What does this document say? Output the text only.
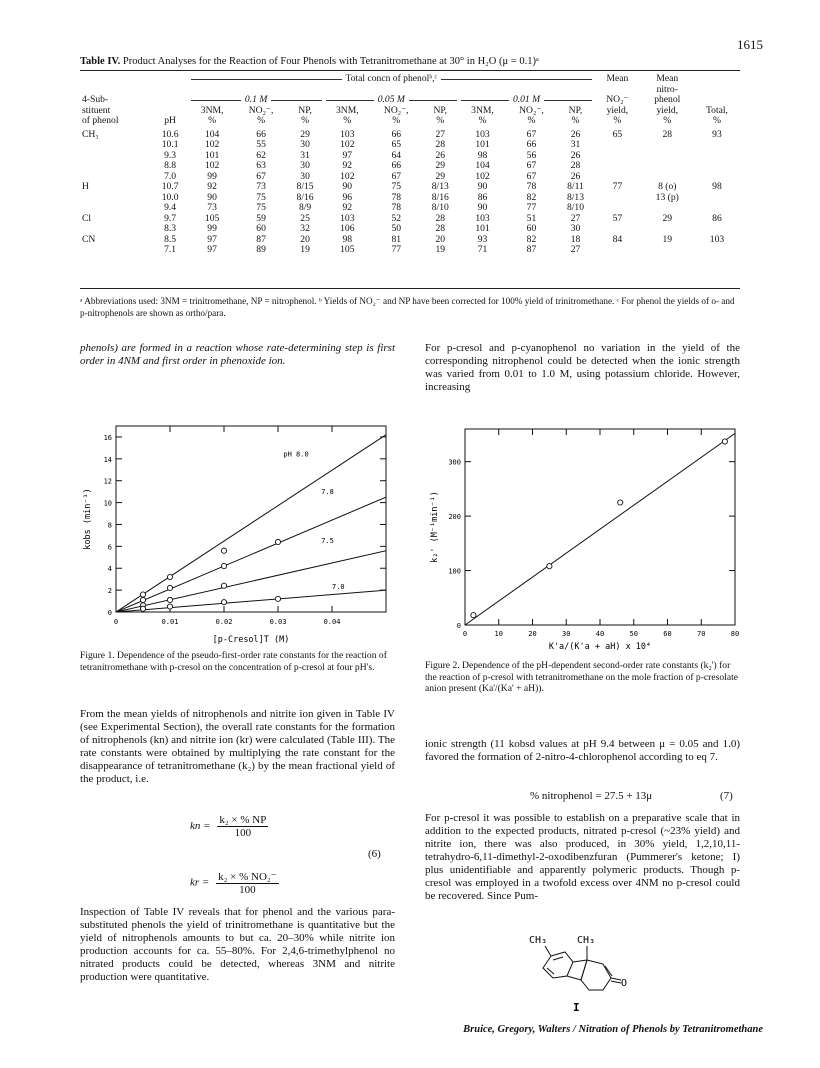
1615
Table IV. Product Analyses for the Reaction of Four Phenols with Tetranitromethane at 30° in H₂O (μ = 0.1)ᵃ

		Total concn of phenolᵇ,ᶜ									Mean	Mean	
												nitro-	
4-Sub-		0.1 M			0.05 M			0.01 M			NO₂⁻	phenol	
stituent		3NM,	NO₂⁻,	NP,	3NM,	NO₂⁻,	NP,	3NM,	NO₂⁻,	NP,	yield,	yield,	Total,
of phenol	pH	%	%	%	%	%	%	%	%	%	%	%	%
CH₃	10.6	104	66	29	103	66	27	103	67	26	65	28	93
	10.1	102	55	30	102	65	28	101	66	31			
	9.3	101	62	31	97	64	26	98	56	26			
	8.8	102	63	30	92	66	29	104	67	28			
	7.0	99	67	30	102	67	29	102	67	26			
H	10.7	92	73	8/15	90	75	8/13	90	78	8/11	77	8 (o)	98
	10.0	90	75	8/16	96	78	8/16	86	82	8/13		13 (p)	
	9.4	73	75	8/9	92	78	8/10	90	77	8/10			
Cl	9.7	105	59	25	103	52	28	103	51	27	57	29	86
	8.3	99	60	32	106	50	28	101	60	30			
CN	8.5	97	87	20	98	81	20	93	82	18	84	19	103
	7.1	97	89	19	105	77	19	71	87	27			
ᵃ Abbreviations used: 3NM = trinitromethane, NP = nitrophenol. ᵇ Yields of NO₂⁻ and NP have been corrected for 100% yield of trinitromethane. ᶜ For phenol the yields of o- and p-nitrophenols are shown as ortho/para.
phenols) are formed in a reaction whose rate-determining step is first order in 4NM and first order in phenoxide ion.
For p-cresol and p-cyanophenol no variation in the yield of the corresponding nitrophenol could be detected when the ionic strength was varied from 0.01 to 1.0 M, using potassium chloride. However, increasing
0	0.01	0.02	0.03	0.04
0
2
4
6
8
10
12
14
16
[p-Cresol]T (M)
kobs (min⁻¹)
pH 8.0
7.8
7.5
7.0
Figure 1. Dependence of the pseudo-first-order rate constants for the reaction of tetranitromethane with p-cresol on the concentration of p-cresol at four pH's.
0	10	20	30	40	50	60	70	80
0
100
200
300
K'a/(K'a + aH) x 10⁴
k₂' (M⁻¹min⁻¹)
Figure 2. Dependence of the pH-dependent second-order rate constants (k₂') for the reaction of p-cresol with tetranitromethane on the mole fraction of p-cresolate anion present (Ka'/(Ka' + aH)).
From the mean yields of nitrophenols and nitrite ion given in Table IV (see Experimental Section), the overall rate constants for the formation of nitrophenols (kn) and nitrite ion (kr) were calculated (Table III). The rate constants were obtained by multiplying the rate constant for the disappearance of tetranitromethane (k₂) by the mean fractional yield of the product, i.e.
kn = $\frac{\text{k₂ × \% NP}}{100}$
(6)
kr = $\frac{\text{k₂ × \% NO₂⁻}}{100}$
Inspection of Table IV reveals that for phenol and the various para-substituted phenols the yield of trinitromethane is quantitative but the yield of nitrophenols amounts to but ca. 20–30% while nitrite ion production accounts for ca. 55–80%. For 2,4,6-trimethylphenol no nitrated products could be detected, whereas 3NM and nitrite production were quantitative.
ionic strength (11 kobsd values at pH 9.4 between μ = 0.05 and 1.0) favored the formation of 2-nitro-4-chlorophenol according to eq 7.
% nitrophenol = 27.5 + 13μ	(7)
For p-cresol it was possible to establish on a preparative scale that in addition to the expected products, nitrated p-cresol (~23% yield) and nitrite ion, there was also produced, in 30% yield, 1,2,10,11-tetrahydro-6,11-dimethyl-2-oxodibenzfuran (Pummerer's ketone; I) plus unidentifiable and apparently polymeric products. Though p-cresol was employed in a twofold excess over 4NM no p-cresol could be recovered. Since Pum-
CH₃	CH₃
O
I
Bruice, Gregory, Walters / Nitration of Phenols by Tetranitromethane
